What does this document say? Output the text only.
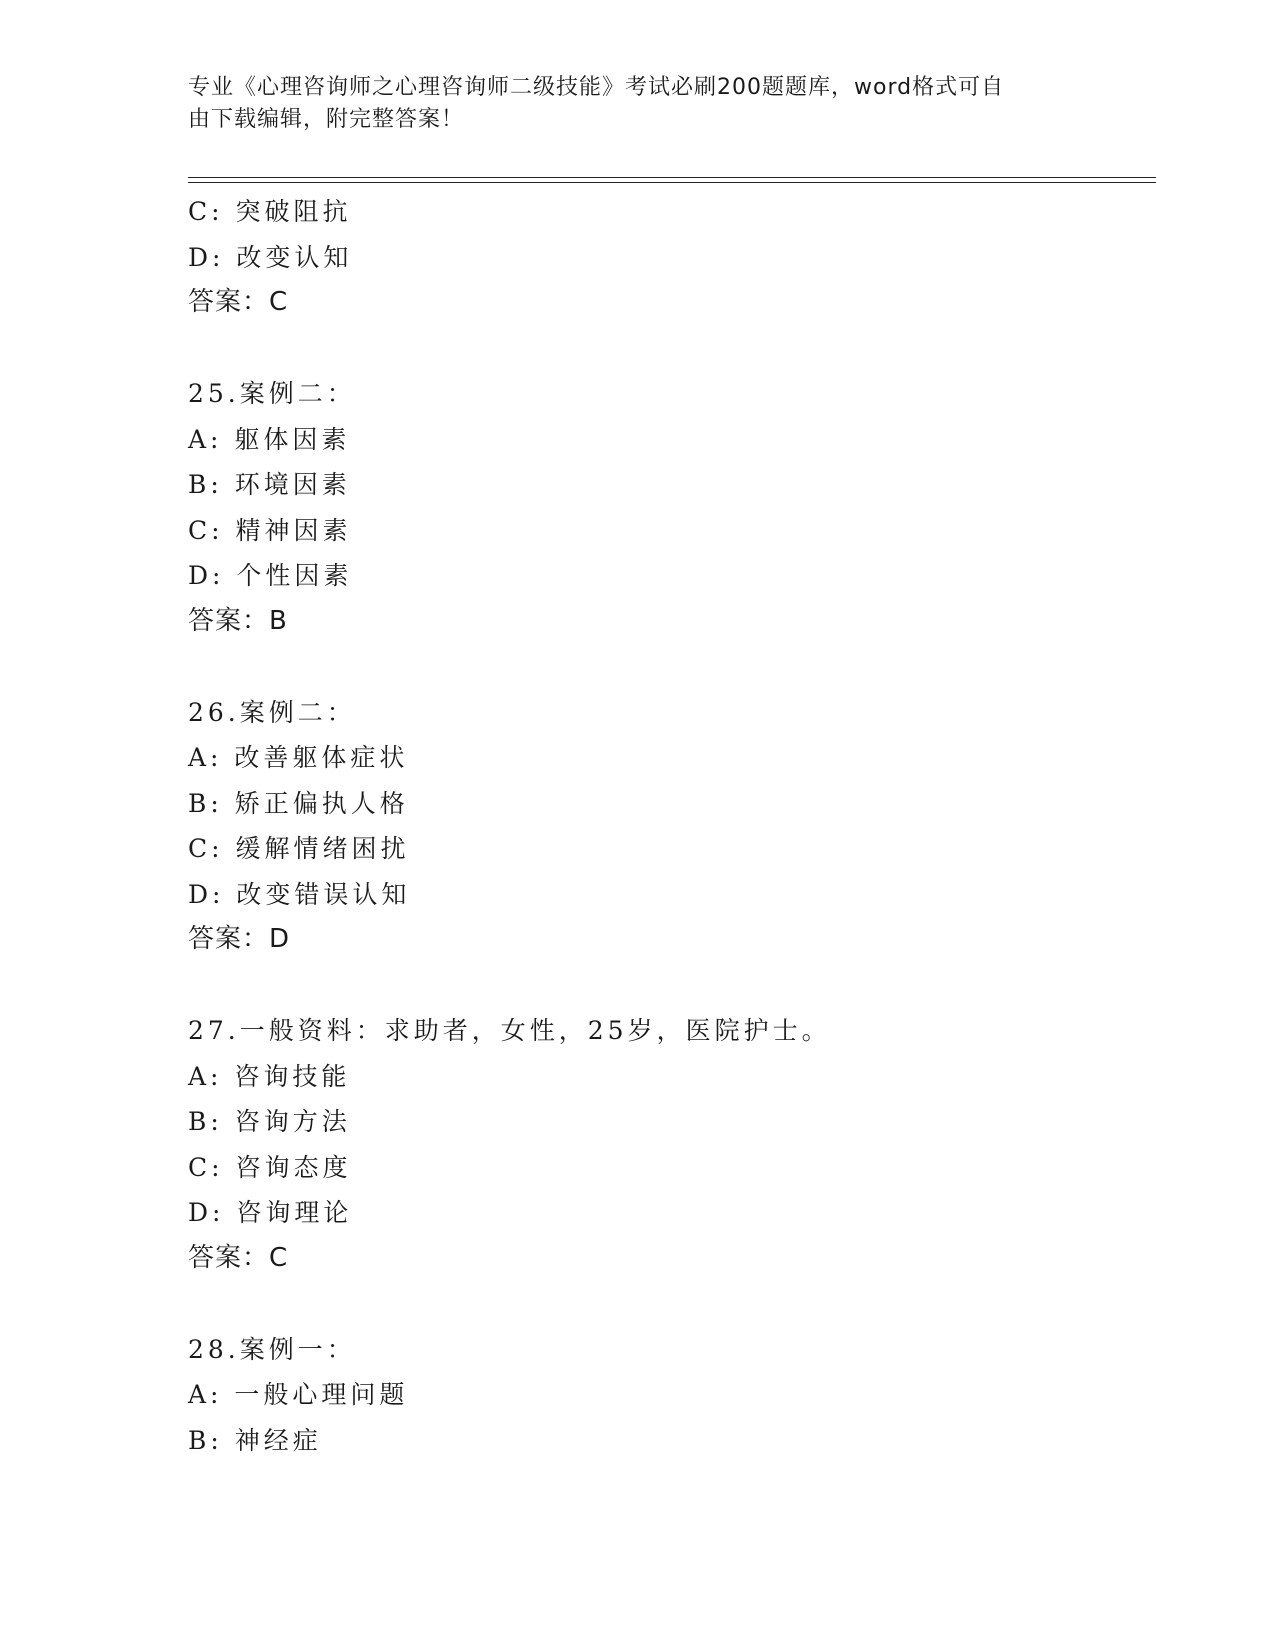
专业《心理咨询师之心理咨询师二级技能》考试必刷200题题库，word格式可自
由下载编辑，附完整答案！
C: 突破阻抗
D: 改变认知
答案：C
25.案例二：
A: 躯体因素
B: 环境因素
C: 精神因素
D: 个性因素
答案：B
26.案例二：
A: 改善躯体症状
B: 矫正偏执人格
C: 缓解情绪困扰
D: 改变错误认知
答案：D
27.一般资料：求助者，女性，25岁，医院护士。
A: 咨询技能
B: 咨询方法
C: 咨询态度
D: 咨询理论
答案：C
28.案例一：
A: 一般心理问题
B: 神经症
